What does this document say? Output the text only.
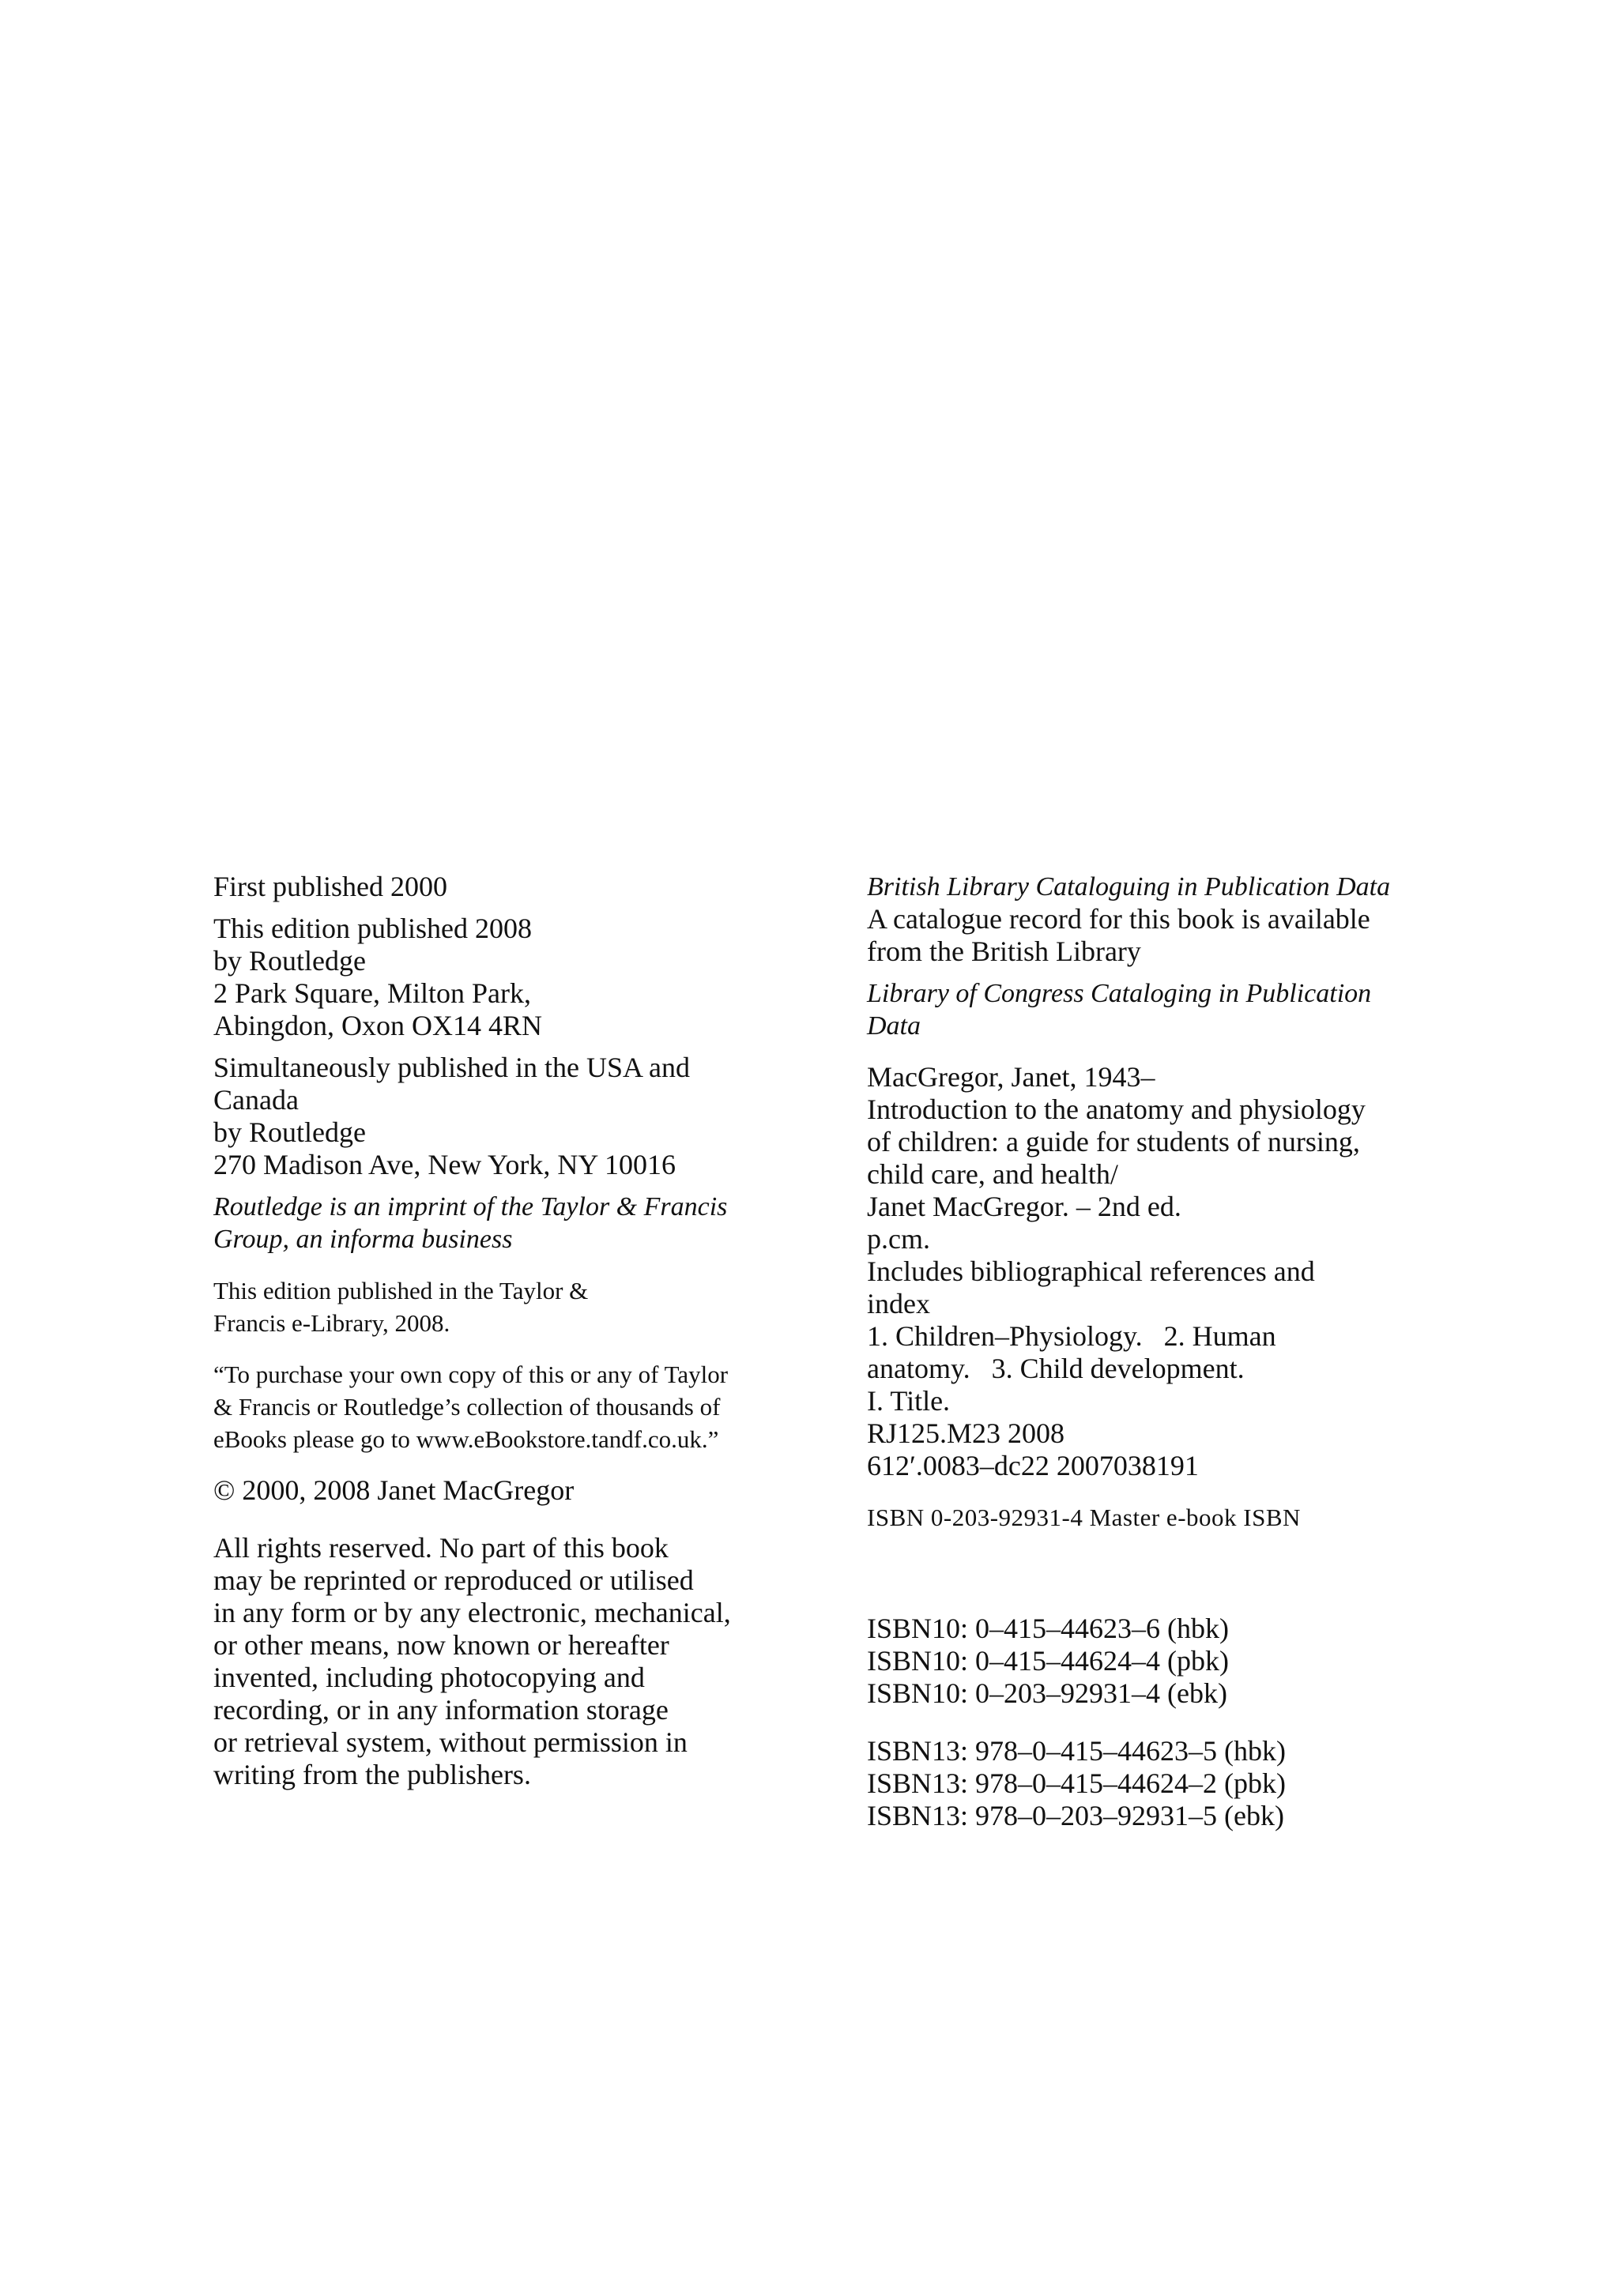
First published 2000

This edition published 2008
by Routledge
2 Park Square, Milton Park,
Abingdon, Oxon OX14 4RN

Simultaneously published in the USA and
Canada
by Routledge
270 Madison Ave, New York, NY 10016

Routledge is an imprint of the Taylor & Francis
Group, an informa business

This edition published in the Taylor &
Francis e-Library, 2008.

“To purchase your own copy of this or any of Taylor
& Francis or Routledge’s collection of thousands of
eBooks please go to www.eBookstore.tandf.co.uk.”

© 2000, 2008 Janet MacGregor

All rights reserved. No part of this book
may be reprinted or reproduced or utilised
in any form or by any electronic, mechanical,
or other means, now known or hereafter
invented, including photocopying and
recording, or in any information storage
or retrieval system, without permission in
writing from the publishers.

British Library Cataloguing in Publication Data

A catalogue record for this book is available
from the British Library

Library of Congress Cataloging in Publication
Data

MacGregor, Janet, 1943–
Introduction to the anatomy and physiology
of children: a guide for students of nursing,
child care, and health/
Janet MacGregor. – 2nd ed.
p.cm.
Includes bibliographical references and
index
1. Children–Physiology.   2. Human
anatomy.   3. Child development.
I. Title.
RJ125.M23 2008
612′.0083–dc22 2007038191

ISBN 0-203-92931-4 Master e-book ISBN

ISBN10: 0–415–44623–6 (hbk)
ISBN10: 0–415–44624–4 (pbk)
ISBN10: 0–203–92931–4 (ebk)

ISBN13: 978–0–415–44623–5 (hbk)
ISBN13: 978–0–415–44624–2 (pbk)
ISBN13: 978–0–203–92931–5 (ebk)
